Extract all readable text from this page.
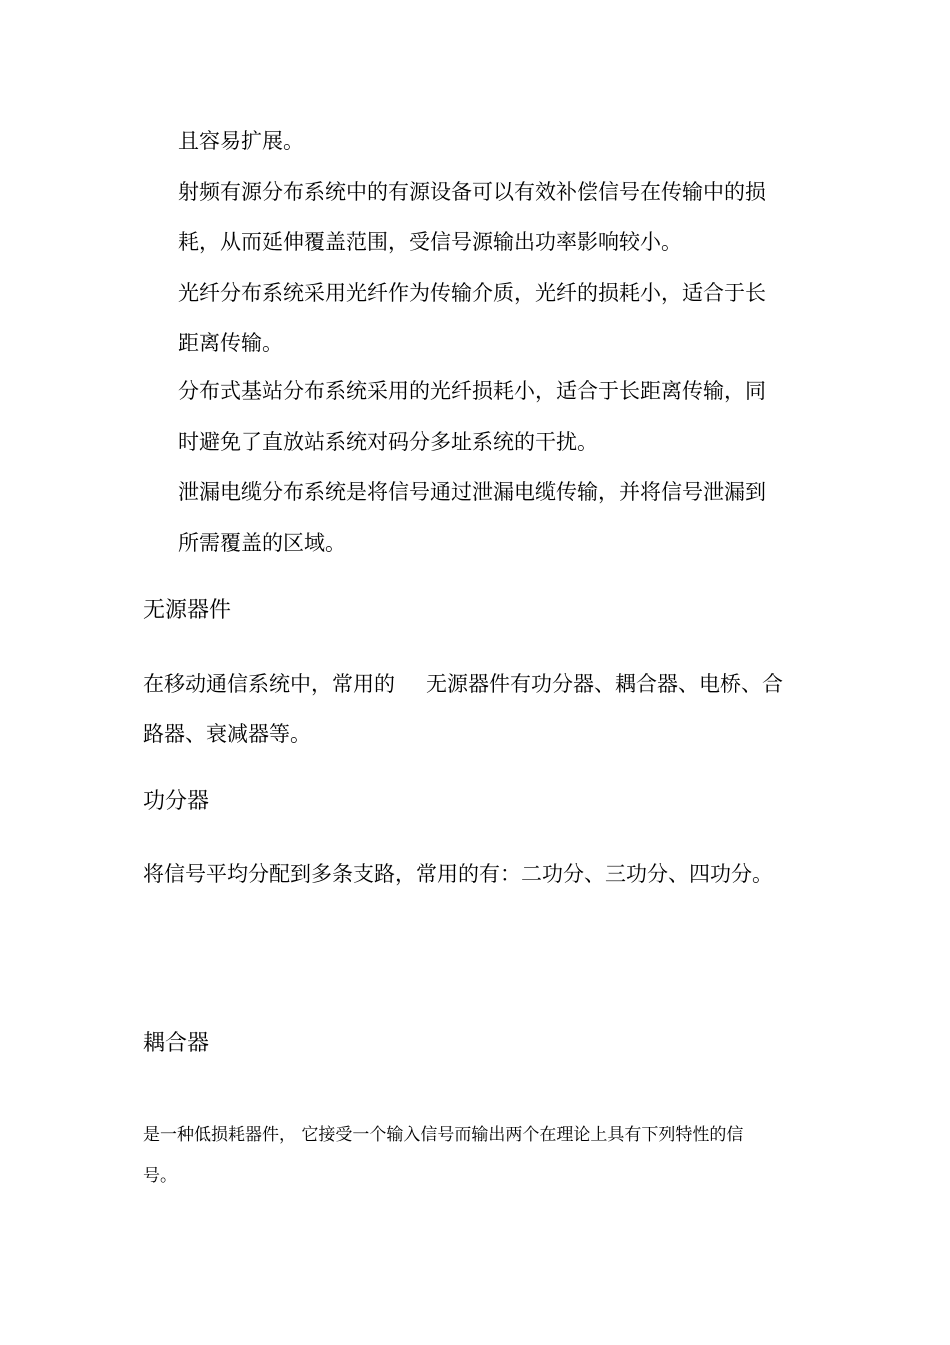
且容易扩展。
射频有源分布系统中的有源设备可以有效补偿信号在传输中的损
耗，从而延伸覆盖范围，受信号源输出功率影响较小。
光纤分布系统采用光纤作为传输介质，光纤的损耗小，适合于长
距离传输。
分布式基站分布系统采用的光纤损耗小，适合于长距离传输，同
时避免了直放站系统对码分多址系统的干扰。
泄漏电缆分布系统是将信号通过泄漏电缆传输，并将信号泄漏到
所需覆盖的区域。
无源器件
在移动通信系统中，常用的 无源器件有功分器、耦合器、电桥、合
路器、衰减器等。
功分器
将信号平均分配到多条支路，常用的有：二功分、三功分、四功分。
耦合器
是一种低损耗器件， 它接受一个输入信号而输出两个在理论上具有下列特性的信
号。
